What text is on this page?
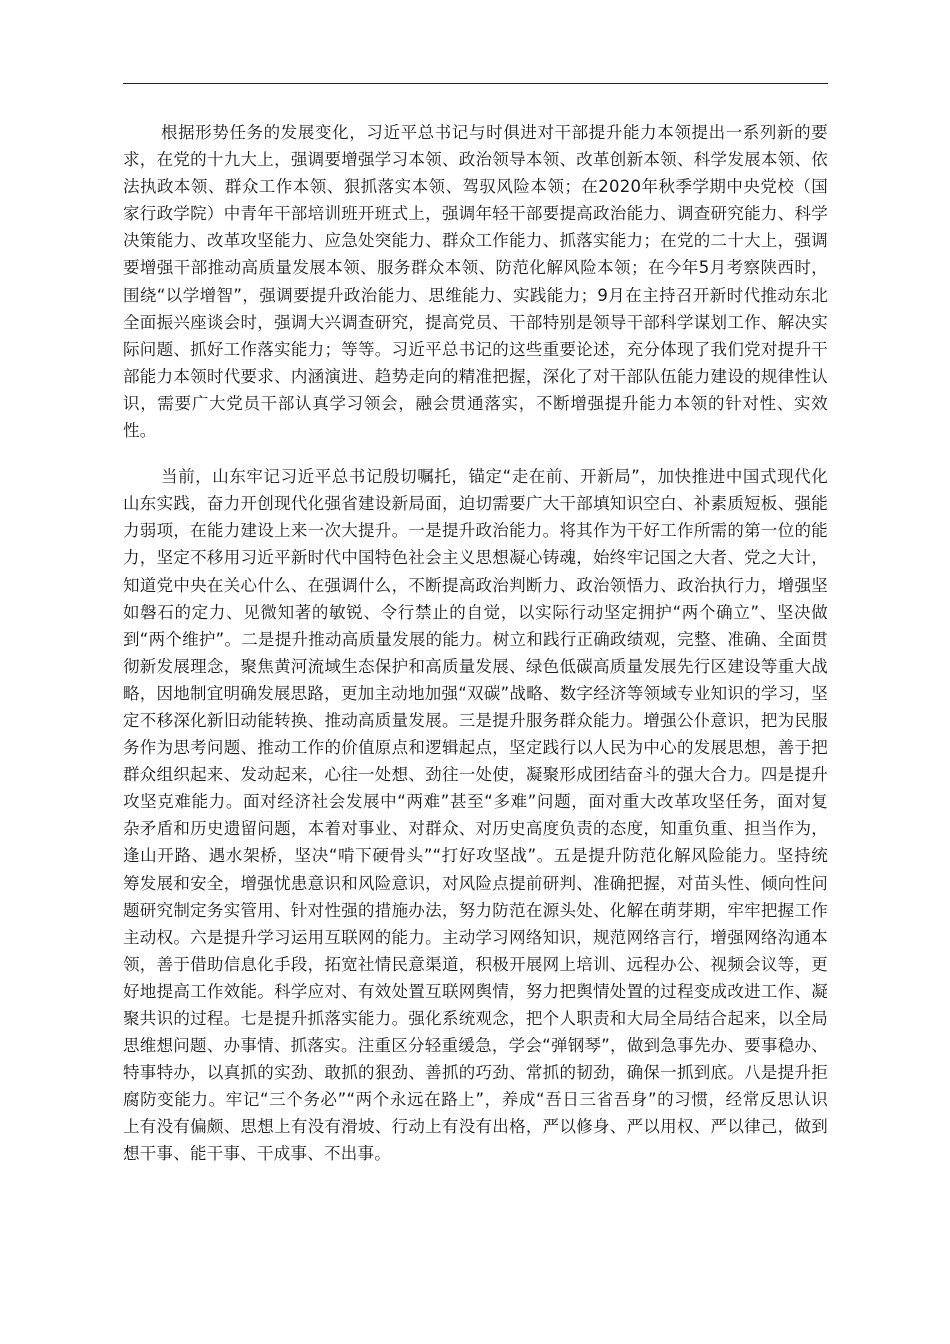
根据形势任务的发展变化，习近平总书记与时俱进对干部提升能力本领提出一系列新的要求，在党的十九大上，强调要增强学习本领、政治领导本领、改革创新本领、科学发展本领、依法执政本领、群众工作本领、狠抓落实本领、驾驭风险本领；在2020年秋季学期中央党校（国家行政学院）中青年干部培训班开班式上，强调年轻干部要提高政治能力、调查研究能力、科学决策能力、改革攻坚能力、应急处突能力、群众工作能力、抓落实能力；在党的二十大上，强调要增强干部推动高质量发展本领、服务群众本领、防范化解风险本领；在今年5月考察陕西时，围绕“以学增智”，强调要提升政治能力、思维能力、实践能力；9月在主持召开新时代推动东北全面振兴座谈会时，强调大兴调查研究，提高党员、干部特别是领导干部科学谋划工作、解决实际问题、抓好工作落实能力；等等。习近平总书记的这些重要论述，充分体现了我们党对提升干部能力本领时代要求、内涵演进、趋势走向的精准把握，深化了对干部队伍能力建设的规律性认识，需要广大党员干部认真学习领会，融会贯通落实，不断增强提升能力本领的针对性、实效性。

当前，山东牢记习近平总书记殷切嘱托，锚定“走在前、开新局”，加快推进中国式现代化山东实践，奋力开创现代化强省建设新局面，迫切需要广大干部填知识空白、补素质短板、强能力弱项，在能力建设上来一次大提升。一是提升政治能力。将其作为干好工作所需的第一位的能力，坚定不移用习近平新时代中国特色社会主义思想凝心铸魂，始终牢记国之大者、党之大计，知道党中央在关心什么、在强调什么，不断提高政治判断力、政治领悟力、政治执行力，增强坚如磐石的定力、见微知著的敏锐、令行禁止的自觉，以实际行动坚定拥护“两个确立”、坚决做到“两个维护”。二是提升推动高质量发展的能力。树立和践行正确政绩观，完整、准确、全面贯彻新发展理念，聚焦黄河流域生态保护和高质量发展、绿色低碳高质量发展先行区建设等重大战略，因地制宜明确发展思路，更加主动地加强“双碳”战略、数字经济等领域专业知识的学习，坚定不移深化新旧动能转换、推动高质量发展。三是提升服务群众能力。增强公仆意识，把为民服务作为思考问题、推动工作的价值原点和逻辑起点，坚定践行以人民为中心的发展思想，善于把群众组织起来、发动起来，心往一处想、劲往一处使，凝聚形成团结奋斗的强大合力。四是提升攻坚克难能力。面对经济社会发展中“两难”甚至“多难”问题，面对重大改革攻坚任务，面对复杂矛盾和历史遗留问题，本着对事业、对群众、对历史高度负责的态度，知重负重、担当作为，逢山开路、遇水架桥，坚决“啃下硬骨头”“打好攻坚战”。五是提升防范化解风险能力。坚持统筹发展和安全，增强忧患意识和风险意识，对风险点提前研判、准确把握，对苗头性、倾向性问题研究制定务实管用、针对性强的措施办法，努力防范在源头处、化解在萌芽期，牢牢把握工作主动权。六是提升学习运用互联网的能力。主动学习网络知识，规范网络言行，增强网络沟通本领，善于借助信息化手段，拓宽社情民意渠道，积极开展网上培训、远程办公、视频会议等，更好地提高工作效能。科学应对、有效处置互联网舆情，努力把舆情处置的过程变成改进工作、凝聚共识的过程。七是提升抓落实能力。强化系统观念，把个人职责和大局全局结合起来，以全局思维想问题、办事情、抓落实。注重区分轻重缓急，学会“弹钢琴”，做到急事先办、要事稳办、特事特办，以真抓的实劲、敢抓的狠劲、善抓的巧劲、常抓的韧劲，确保一抓到底。八是提升拒腐防变能力。牢记“三个务必”“两个永远在路上”，养成“吾日三省吾身”的习惯，经常反思认识上有没有偏颇、思想上有没有滑坡、行动上有没有出格，严以修身、严以用权、严以律己，做到想干事、能干事、干成事、不出事。
